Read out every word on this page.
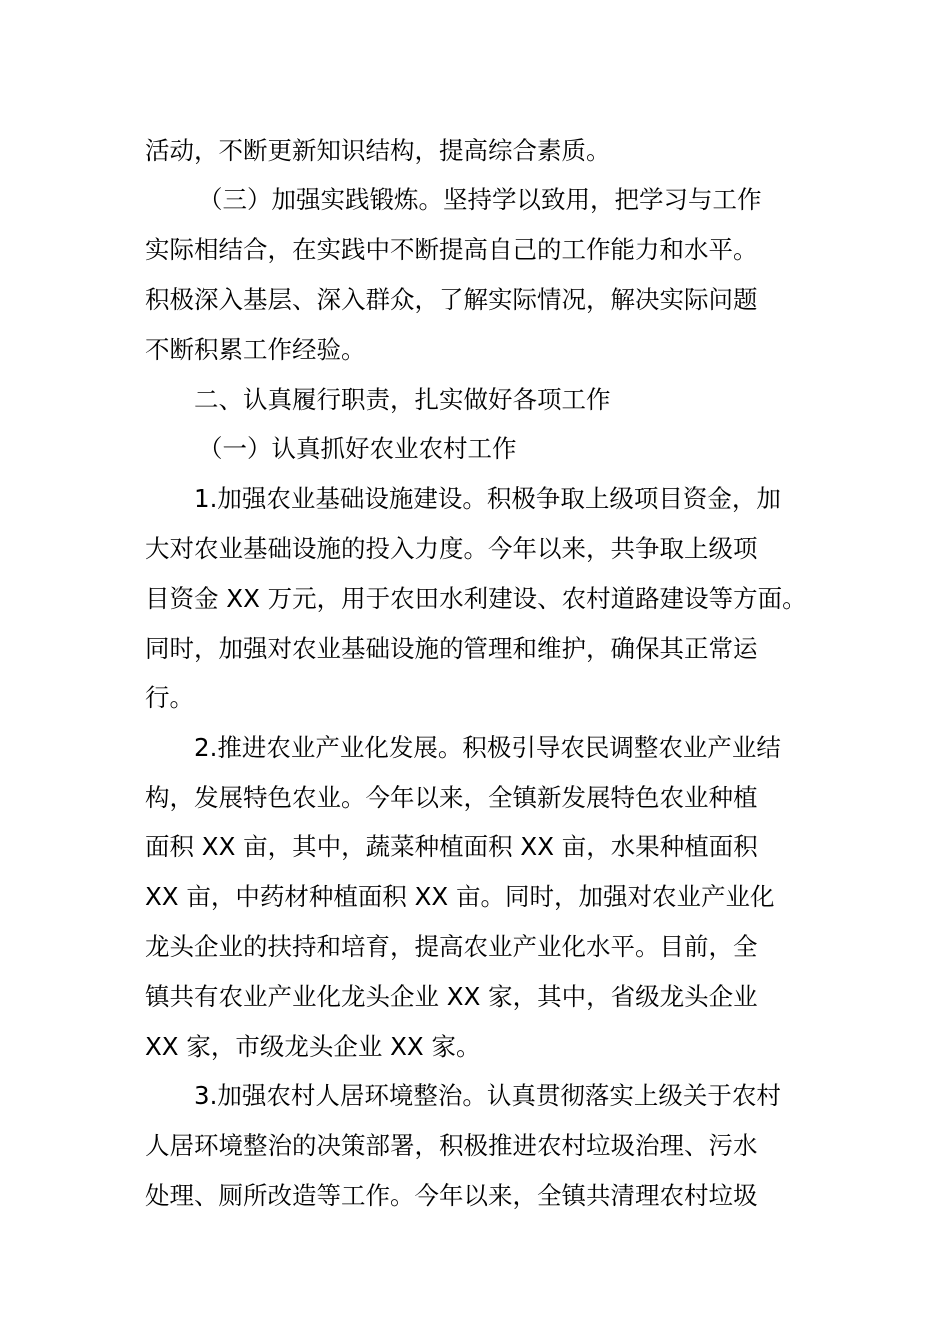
活动，不断更新知识结构，提高综合素质。
（三）加强实践锻炼。坚持学以致用，把学习与工作
实际相结合，在实践中不断提高自己的工作能力和水平。
积极深入基层、深入群众，了解实际情况，解决实际问题
不断积累工作经验。
二、认真履行职责，扎实做好各项工作
（一）认真抓好农业农村工作
1.加强农业基础设施建设。积极争取上级项目资金，加
大对农业基础设施的投入力度。今年以来，共争取上级项
目资金 XX 万元，用于农田水利建设、农村道路建设等方面。
同时，加强对农业基础设施的管理和维护，确保其正常运
行。
2.推进农业产业化发展。积极引导农民调整农业产业结
构，发展特色农业。今年以来，全镇新发展特色农业种植
面积 XX 亩，其中，蔬菜种植面积 XX 亩，水果种植面积
XX 亩，中药材种植面积 XX 亩。同时，加强对农业产业化
龙头企业的扶持和培育，提高农业产业化水平。目前，全
镇共有农业产业化龙头企业 XX 家，其中，省级龙头企业
XX 家，市级龙头企业 XX 家。
3.加强农村人居环境整治。认真贯彻落实上级关于农村
人居环境整治的决策部署，积极推进农村垃圾治理、污水
处理、厕所改造等工作。今年以来，全镇共清理农村垃圾
